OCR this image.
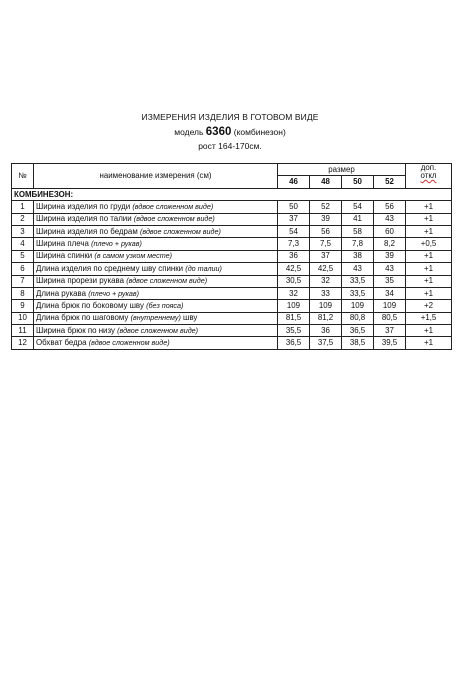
ИЗМЕРЕНИЯ ИЗДЕЛИЯ В ГОТОВОМ ВИДЕ
модель 6360 (комбинезон)
рост 164-170см.
№	наименование измерения (см)	размер				доп.
откл

		46	48	50	52	
КОМБИНЕЗОН:						
1	Ширина изделия по груди (вдвое сложенном виде)	50	52	54	56	+1
2	Ширина изделия по талии (вдвое сложенном виде)	37	39	41	43	+1
3	Ширина изделия по бедрам (вдвое сложенном виде)	54	56	58	60	+1
4	Ширина плеча (плечо + рукав)	7,3	7,5	7,8	8,2	+0,5
5	Ширина спинки (в самом узком месте)	36	37	38	39	+1
6	Длина изделия по среднему шву спинки (до талии)	42,5	42,5	43	43	+1
7	Ширина прорези рукава (вдвое сложенном виде)	30,5	32	33,5	35	+1
8	Длина рукава (плечо + рукав)	32	33	33,5	34	+1
9	Длина брюк по боковому шву (без пояса)	109	109	109	109	+2
10	Длина брюк по шаговому (внутреннему) шву	81,5	81,2	80,8	80,5	+1,5
11	Ширина брюк по низу (вдвое сложенном виде)	35,5	36	36,5	37	+1
12	Обхват бедра (вдвое сложенном виде)	36,5	37,5	38,5	39,5	+1
